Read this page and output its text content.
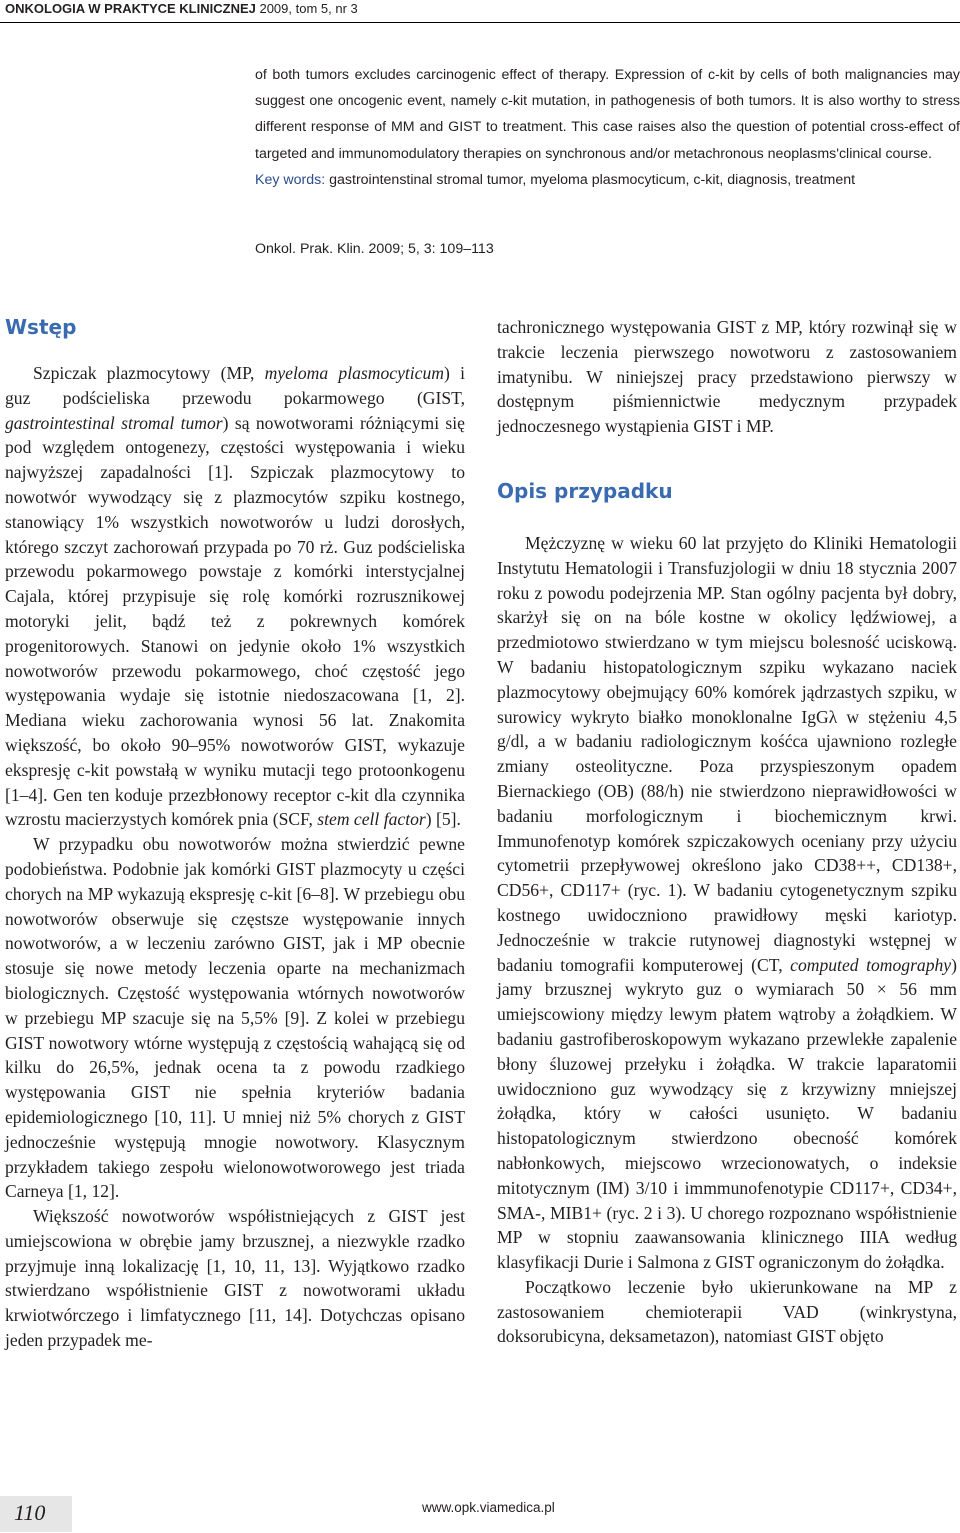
ONKOLOGIA W PRAKTYCE KLINICZNEJ 2009, tom 5, nr 3
of both tumors excludes carcinogenic effect of therapy. Expression of c-kit by cells of both malignancies may suggest one oncogenic event, namely c-kit mutation, in pathogenesis of both tumors. It is also worthy to stress different response of MM and GIST to treatment. This case raises also the question of potential cross-effect of targeted and immunomodulatory therapies on synchronous and/or metachronous neoplasms'clinical course.
Key words: gastrointenstinal stromal tumor, myeloma plasmocyticum, c-kit, diagnosis, treatment
Onkol. Prak. Klin. 2009; 5, 3: 109–113
Wstęp

Szpiczak plazmocytowy (MP, myeloma plasmocyticum) i guz podścieliska przewodu pokarmowego (GIST, gastrointestinal stromal tumor) są nowotworami różniącymi się pod względem ontogenezy, częstości występowania i wieku najwyższej zapadalności [1]. Szpiczak plazmocytowy to nowotwór wywodzący się z plazmocytów szpiku kostnego, stanowiący 1% wszystkich nowotworów u ludzi dorosłych, którego szczyt zachorowań przypada po 70 rż. Guz podścieliska przewodu pokarmowego powstaje z komórki interstycjalnej Cajala, której przypisuje się rolę komórki rozrusznikowej motoryki jelit, bądź też z pokrewnych komórek progenitorowych. Stanowi on jedynie około 1% wszystkich nowotworów przewodu pokarmowego, choć częstość jego występowania wydaje się istotnie niedoszacowana [1, 2]. Mediana wieku zachorowania wynosi 56 lat. Znakomita większość, bo około 90–95% nowotworów GIST, wykazuje ekspresję c-kit powstałą w wyniku mutacji tego protoonkogenu [1–4]. Gen ten koduje przezbłonowy receptor c-kit dla czynnika wzrostu macierzystych komórek pnia (SCF, stem cell factor) [5].

W przypadku obu nowotworów można stwierdzić pewne podobieństwa. Podobnie jak komórki GIST plazmocyty u części chorych na MP wykazują ekspresję c-kit [6–8]. W przebiegu obu nowotworów obserwuje się częstsze występowanie innych nowotworów, a w leczeniu zarówno GIST, jak i MP obecnie stosuje się nowe metody leczenia oparte na mechanizmach biologicznych. Częstość występowania wtórnych nowotworów w przebiegu MP szacuje się na 5,5% [9]. Z kolei w przebiegu GIST nowotwory wtórne występują z częstością wahającą się od kilku do 26,5%, jednak ocena ta z powodu rzadkiego występowania GIST nie spełnia kryteriów badania epidemiologicznego [10, 11]. U mniej niż 5% chorych z GIST jednocześnie występują mnogie nowotwory. Klasycznym przykładem takiego zespołu wielonowotworowego jest triada Carneya [1, 12].

Większość nowotworów współistniejących z GIST jest umiejscowiona w obrębie jamy brzusznej, a niezwykle rzadko przyjmuje inną lokalizację [1, 10, 11, 13]. Wyjątkowo rzadko stwierdzano współistnienie GIST z nowotworami układu krwiotwórczego i limfatycznego [11, 14]. Dotychczas opisano jeden przypadek me-

tachronicznego występowania GIST z MP, który rozwinął się w trakcie leczenia pierwszego nowotworu z zastosowaniem imatynibu. W niniejszej pracy przedstawiono pierwszy w dostępnym piśmiennictwie medycznym przypadek jednoczesnego wystąpienia GIST i MP.

Opis przypadku

Mężczyznę w wieku 60 lat przyjęto do Kliniki Hematologii Instytutu Hematologii i Transfuzjologii w dniu 18 stycznia 2007 roku z powodu podejrzenia MP. Stan ogólny pacjenta był dobry, skarżył się on na bóle kostne w okolicy lędźwiowej, a przedmiotowo stwierdzano w tym miejscu bolesność uciskową. W badaniu histopatologicznym szpiku wykazano naciek plazmocytowy obejmujący 60% komórek jądrzastych szpiku, w surowicy wykryto białko monoklonalne IgGλ w stężeniu 4,5 g/dl, a w badaniu radiologicznym kośćca ujawniono rozległe zmiany osteolityczne. Poza przyspieszonym opadem Biernackiego (OB) (88/h) nie stwierdzono nieprawidłowości w badaniu morfologicznym i biochemicznym krwi. Immunofenotyp komórek szpiczakowych oceniany przy użyciu cytometrii przepływowej określono jako CD38++, CD138+, CD56+, CD117+ (ryc. 1). W badaniu cytogenetycznym szpiku kostnego uwidoczniono prawidłowy męski kariotyp. Jednocześnie w trakcie rutynowej diagnostyki wstępnej w badaniu tomografii komputerowej (CT, computed tomography) jamy brzusznej wykryto guz o wymiarach 50 × 56 mm umiejscowiony między lewym płatem wątroby a żołądkiem. W badaniu gastrofiberoskopowym wykazano przewlekłe zapalenie błony śluzowej przełyku i żołądka. W trakcie laparatomii uwidoczniono guz wywodzący się z krzywizny mniejszej żołądka, który w całości usunięto. W badaniu histopatologicznym stwierdzono obecność komórek nabłonkowych, miejscowo wrzecionowatych, o indeksie mitotycznym (IM) 3/10 i immmunofenotypie CD117+, CD34+, SMA-, MIB1+ (ryc. 2 i 3). U chorego rozpoznano współistnienie MP w stopniu zaawansowania klinicznego IIIA według klasyfikacji Durie i Salmona z GIST ograniczonym do żołądka.

Początkowo leczenie było ukierunkowane na MP z zastosowaniem chemioterapii VAD (winkrystyna, doksorubicyna, deksametazon), natomiast GIST objęto

110	www.opk.viamedica.pl
